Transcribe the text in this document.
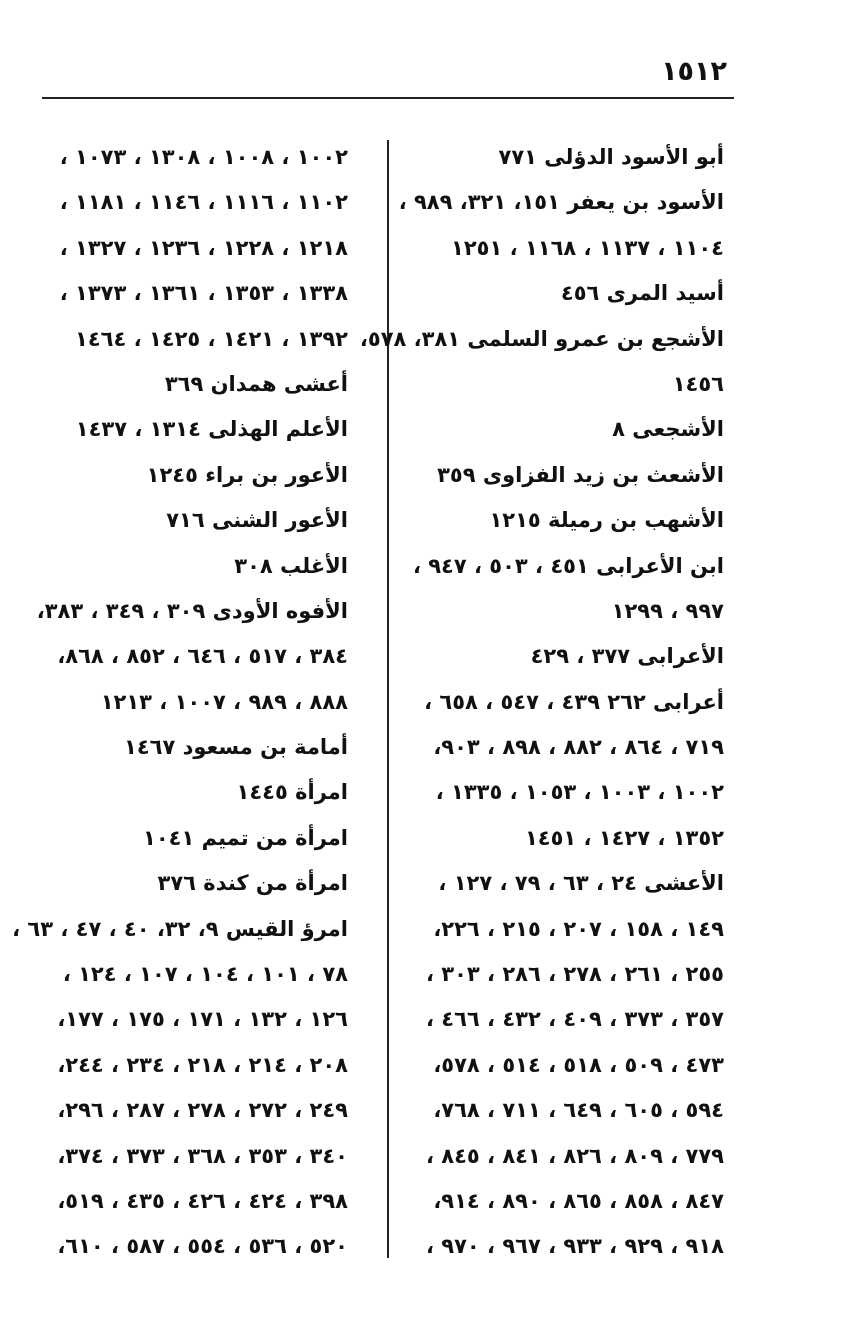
١٥١٢
أبو الأسود الدؤلى ٧٧١
الأسود بن يعفر ١٥١، ٣٢١، ٩٨٩ ،
١١٠٤ ، ١١٣٧ ، ١١٦٨ ، ١٢٥١
أسيد المرى ٤٥٦
الأشجع بن عمرو السلمى ٣٨١، ٥٧٨،
١٤٥٦
الأشجعى ٨
الأشعث بن زيد الفزاوى ٣٥٩
الأشهب بن رميلة ١٢١٥
ابن الأعرابى ٤٥١ ، ٥٠٣ ، ٩٤٧ ،
٩٩٧ ، ١٢٩٩
الأعرابى ٣٧٧ ، ٤٢٩
أعرابى ٢٦٢ ٤٣٩ ، ٥٤٧ ، ٦٥٨ ،
٧١٩ ، ٨٦٤ ، ٨٨٢ ، ٨٩٨ ، ٩٠٣،
١٠٠٢ ، ١٠٠٣ ، ١٠٥٣ ، ١٣٣٥ ،
١٣٥٢ ، ١٤٢٧ ، ١٤٥١
الأعشى ٢٤ ، ٦٣ ، ٧٩ ، ١٢٧ ،
١٤٩ ، ١٥٨ ، ٢٠٧ ، ٢١٥ ، ٢٢٦،
٢٥٥ ، ٢٦١ ، ٢٧٨ ، ٢٨٦ ، ٣٠٣ ،
٣٥٧ ، ٣٧٣ ، ٤٠٩ ، ٤٣٢ ، ٤٦٦ ،
٤٧٣ ، ٥٠٩ ، ٥١٨ ، ٥١٤ ، ٥٧٨،
٥٩٤ ، ٦٠٥ ، ٦٤٩ ، ٧١١ ، ٧٦٨،
٧٧٩ ، ٨٠٩ ، ٨٢٦ ، ٨٤١ ، ٨٤٥ ،
٨٤٧ ، ٨٥٨ ، ٨٦٥ ، ٨٩٠ ، ٩١٤،
٩١٨ ، ٩٢٩ ، ٩٣٣ ، ٩٦٧ ، ٩٧٠ ،
١٠٠٢ ، ١٠٠٨ ، ١٣٠٨ ، ١٠٧٣ ،
١١٠٢ ، ١١١٦ ، ١١٤٦ ، ١١٨١ ،
١٢١٨ ، ١٢٢٨ ، ١٢٣٦ ، ١٣٢٧ ،
١٣٣٨ ، ١٣٥٣ ، ١٣٦١ ، ١٣٧٣ ،
١٣٩٢ ، ١٤٢١ ، ١٤٢٥ ، ١٤٦٤
أعشى همدان ٣٦٩
الأعلم الهذلى ١٣١٤ ، ١٤٣٧
الأعور بن براء ١٢٤٥
الأعور الشنى ٧١٦
الأغلب ٣٠٨
الأفوه الأودى ٣٠٩ ، ٣٤٩ ، ٣٨٣،
٣٨٤ ، ٥١٧ ، ٦٤٦ ، ٨٥٢ ، ٨٦٨،
٨٨٨ ، ٩٨٩ ، ١٠٠٧ ، ١٢١٣
أمامة بن مسعود ١٤٦٧
امرأة ١٤٤٥
امرأة من تميم ١٠٤١
امرأة من كندة ٣٧٦
امرؤ القيس ٩، ٣٢، ٤٠ ، ٤٧ ، ٦٣ ،
٧٨ ، ١٠١ ، ١٠٤ ، ١٠٧ ، ١٢٤ ،
١٢٦ ، ١٣٢ ، ١٧١ ، ١٧٥ ، ١٧٧،
٢٠٨ ، ٢١٤ ، ٢١٨ ، ٢٣٤ ، ٢٤٤،
٢٤٩ ، ٢٧٢ ، ٢٧٨ ، ٢٨٧ ، ٢٩٦،
٣٤٠ ، ٣٥٣ ، ٣٦٨ ، ٣٧٣ ، ٣٧٤،
٣٩٨ ، ٤٢٤ ، ٤٢٦ ، ٤٣٥ ، ٥١٩،
٥٢٠ ، ٥٣٦ ، ٥٥٤ ، ٥٨٧ ، ٦١٠،
